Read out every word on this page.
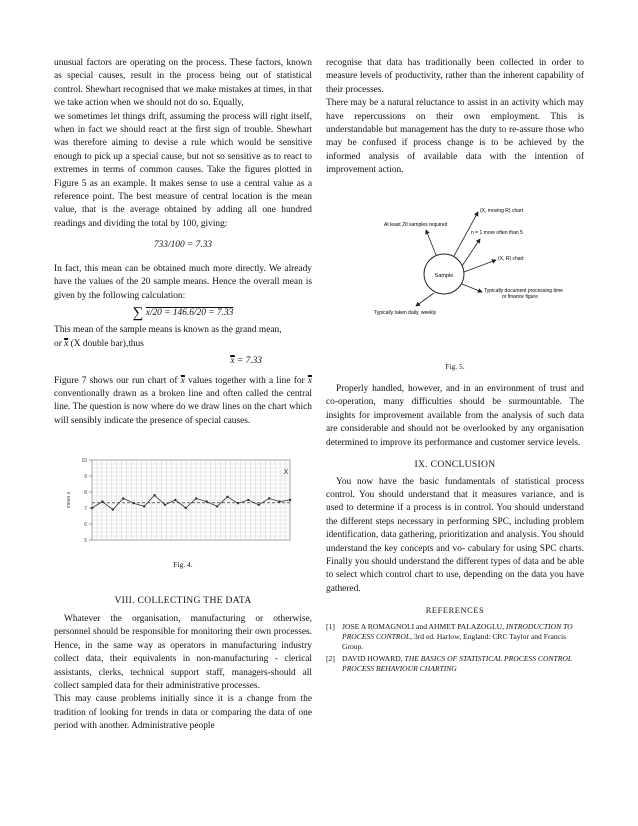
unusual factors are operating on the process. These factors, known as special causes, result in the process being out of statistical control. Shewhart recognised that we make mistakes at times, in that we take action when we should not do so. Equally,

we sometimes let things drift, assuming the process will right itself, when in fact we should react at the first sign of trouble. Shewhart was therefore aiming to devise a rule which would be sensitive enough to pick up a special cause, but not so sensitive as to react to extremes in terms of common causes. Take the figures plotted in Figure 5 as an example. It makes sense to use a central value as a reference point. The best measure of central location is the mean value, that is the average obtained by adding all one hundred readings and dividing the total by 100, giving:

733/100 = 7.33

In fact, this mean can be obtained much more directly. We already have the values of the 20 sample means. Hence the overall mean is given by the following calculation:

∑ x/20 = 146.6/20 = 7.33

This mean of the sample means is known as the grand mean,
or $\overline{x}$ (X double bar),thus

$\overline{x} = 7.33$

Figure 7 shows our run chart of $\overline{x}$ values together with a line for $\overline{x}$ conventionally drawn as a broken line and often called the central line. The question is now where do we draw lines on the chart which will sensibly indicate the presence of special causes.

10
9
8
7
6
5
mean x
X
Fig. 4.
VIII. COLLECTING THE DATA

Whatever the organisation, manufacturing or otherwise, personnel should be responsible for monitoring their own processes. Hence, in the same way as operators in manufacturing industry collect data, their equivalents in non-manufacturing - clerical assistants, clerks, technical support staff, managers-should all collect sampled data for their administrative processes.

This may cause problems initially since it is a change from the tradition of looking for trends in data or comparing the data of one period with another. Administrative people

recognise that data has traditionally been collected in order to measure levels of productivity, rather than the inherent capability of their processes.

There may be a natural reluctance to assist in an activity which may have repercussions on their own employment. This is understandable but management has the duty to re-assure those who may be confused if process change is to be achieved by the informed analysis of available data with the intention of improvement action.

Sample
At least 20 samples required
(X, moving R) chart
n = 1 more often than 5
(X, R) chart
Typically document processing time
or finance figure
Typically taken daily, weekly
Fig. 5.

Properly handled, however, and in an environment of trust and co-operation, many difficulties should be surmountable. The insights for improvement available from the analysis of such data are considerable and should not be overlooked by any organisation determined to improve its performance and customer service levels.

IX. CONCLUSION

You now have the basic fundamentals of statistical process control. You should understand that it measures variance, and is used to determine if a process is in control. You should understand the different steps necessary in performing SPC, including problem identification, data gathering, prioritization and analysis. You should understand the key concepts and vo- cabulary for using SPC charts. Finally you should understand the different types of data and be able to select which control chart to use, depending on the data you have gathered.

REFERENCES
[1] JOSE A ROMAGNOLI and AHMET PALAZOGLU, INTRODUCTION TO PROCESS CONTROL, 3rd ed. Harlow, England: CRC Taylor and Francis Group.
[2] DAVID HOWARD, THE BASICS OF STATISTICAL PROCESS CONTROL PROCESS BEHAVIOUR CHARTING
